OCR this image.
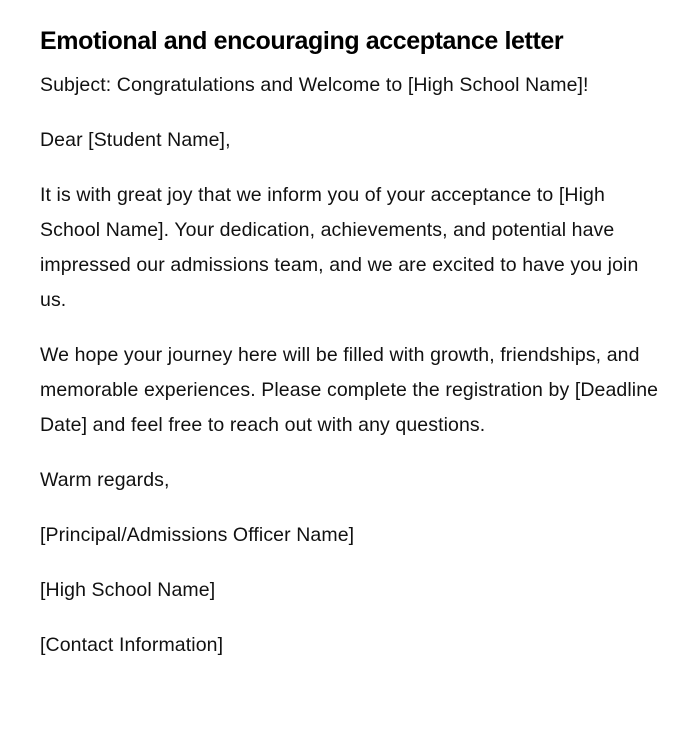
Emotional and encouraging acceptance letter

Subject: Congratulations and Welcome to [High School Name]!

Dear [Student Name],

It is with great joy that we inform you of your acceptance to [High School Name]. Your dedication, achievements, and potential have impressed our admissions team, and we are excited to have you join us.

We hope your journey here will be filled with growth, friendships, and memorable experiences. Please complete the registration by [Deadline Date] and feel free to reach out with any questions.

Warm regards,

[Principal/Admissions Officer Name]

[High School Name]

[Contact Information]
